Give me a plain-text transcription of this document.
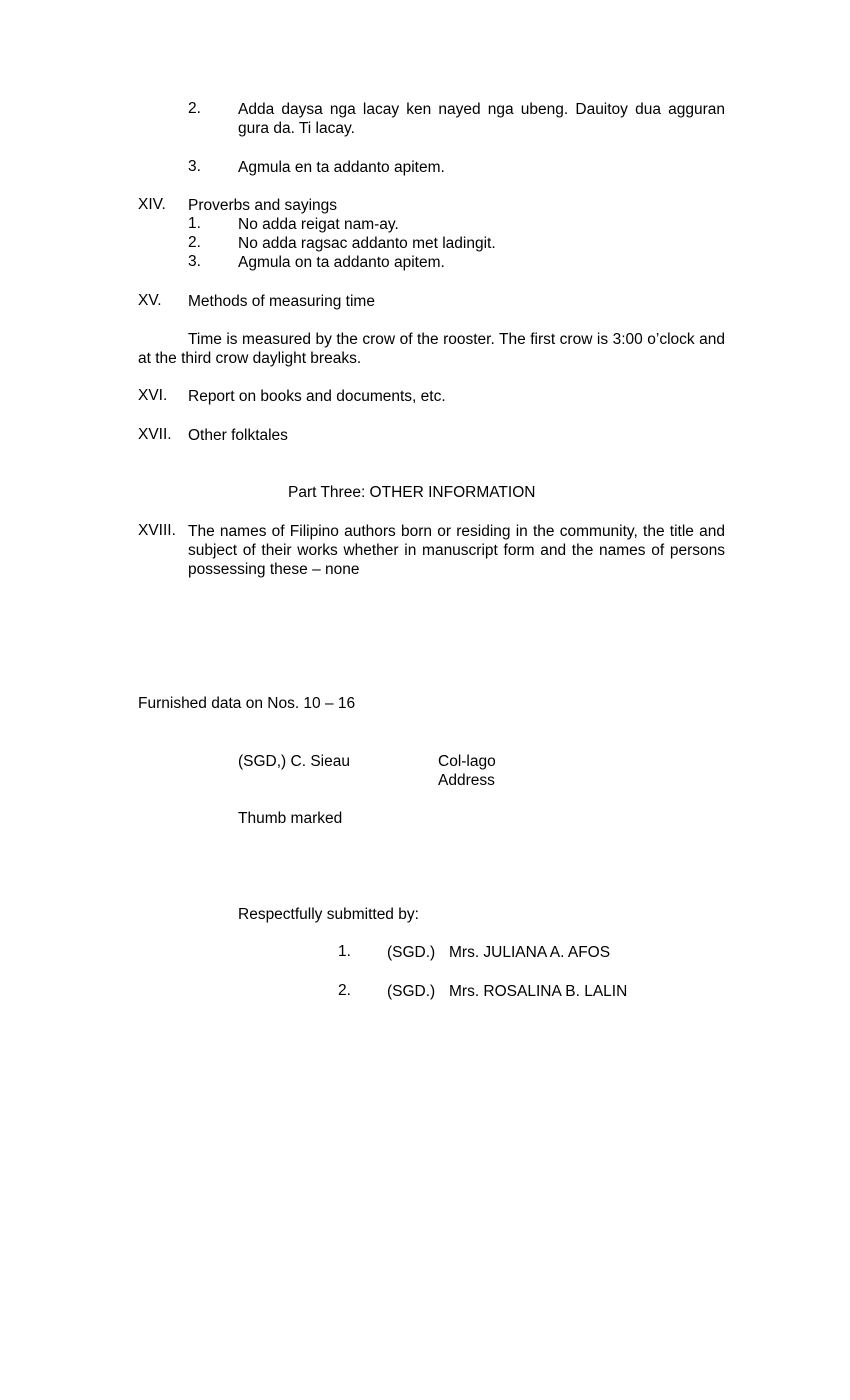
2. Adda daysa nga lacay ken nayed nga ubeng. Dauitoy dua agguran gura da. Ti lacay.
3. Agmula en ta addanto apitem.
XIV. Proverbs and sayings
1. No adda reigat nam-ay.
2. No adda ragsac addanto met ladingit.
3. Agmula on ta addanto apitem.
XV. Methods of measuring time
Time is measured by the crow of the rooster. The first crow is 3:00 o’clock and at the third crow daylight breaks.
XVI. Report on books and documents, etc.
XVII. Other folktales
Part Three: OTHER INFORMATION
XVIII. The names of Filipino authors born or residing in the community, the title and subject of their works whether in manuscript form and the names of persons possessing these – none
Furnished data on Nos. 10 – 16
(SGD,) C. Sieau	Col-lago
Address
Thumb marked
Respectfully submitted by:
1. (SGD.) Mrs. JULIANA A. AFOS
2. (SGD.) Mrs. ROSALINA B. LALIN
